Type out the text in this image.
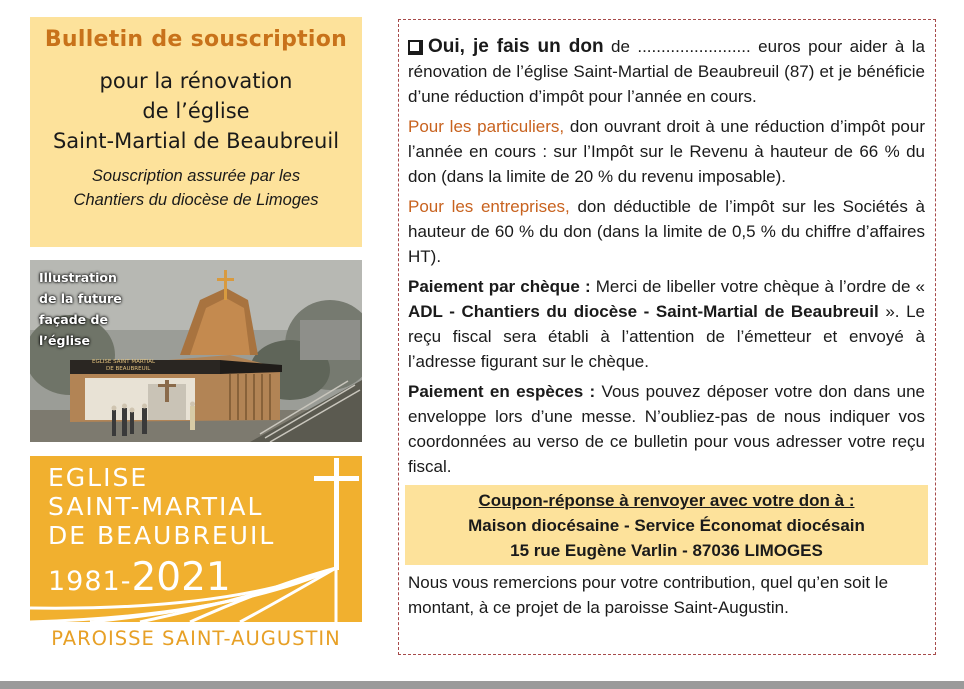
Bulletin de souscription
pour la rénovation
de l’église
Saint-Martial de Beaubreuil
Souscription assurée par les
Chantiers du diocèse de Limoges
EGLISE SAINT MARTIAL
DE BEAUBREUIL
Illustration
de la future
façade de
l’église
EGLISE
SAINT-MARTIAL
DE BEAUBREUIL
1981-2021
PAROISSE SAINT-AUGUSTIN

Oui, je fais un don de ........................ euros pour aider à la rénovation de l’église Saint-Martial de Beaubreuil (87) et je bénéficie d’une réduction d’impôt pour l’année en cours.

Pour les particuliers, don ouvrant droit à une réduction d’impôt pour l’année en cours : sur l’Impôt sur le Revenu à hauteur de 66 % du don (dans la limite de 20 % du revenu imposable).

Pour les entreprises, don déductible de l’impôt sur les Sociétés à hauteur de 60 % du don (dans la limite de 0,5 % du chiffre d’affaires HT).

Paiement par chèque : Merci de libeller votre chèque à l’ordre de « ADL - Chantiers du diocèse - Saint-Martial de Beaubreuil ». Le reçu fiscal sera établi à l’attention de l’émetteur et envoyé à l’adresse figurant sur le chèque.

Paiement en espèces : Vous pouvez déposer votre don dans une enveloppe lors d’une messe. N’oubliez-pas de nous indiquer vos coordonnées au verso de ce bulletin pour vous adresser votre reçu fiscal.

Coupon-réponse à renvoyer avec votre don à :
Maison diocésaine - Service Économat diocésain
15 rue Eugène Varlin - 87036 LIMOGES

Nous vous remercions pour votre contribution, quel qu’en soit le montant, à ce projet de la paroisse Saint-Augustin.
